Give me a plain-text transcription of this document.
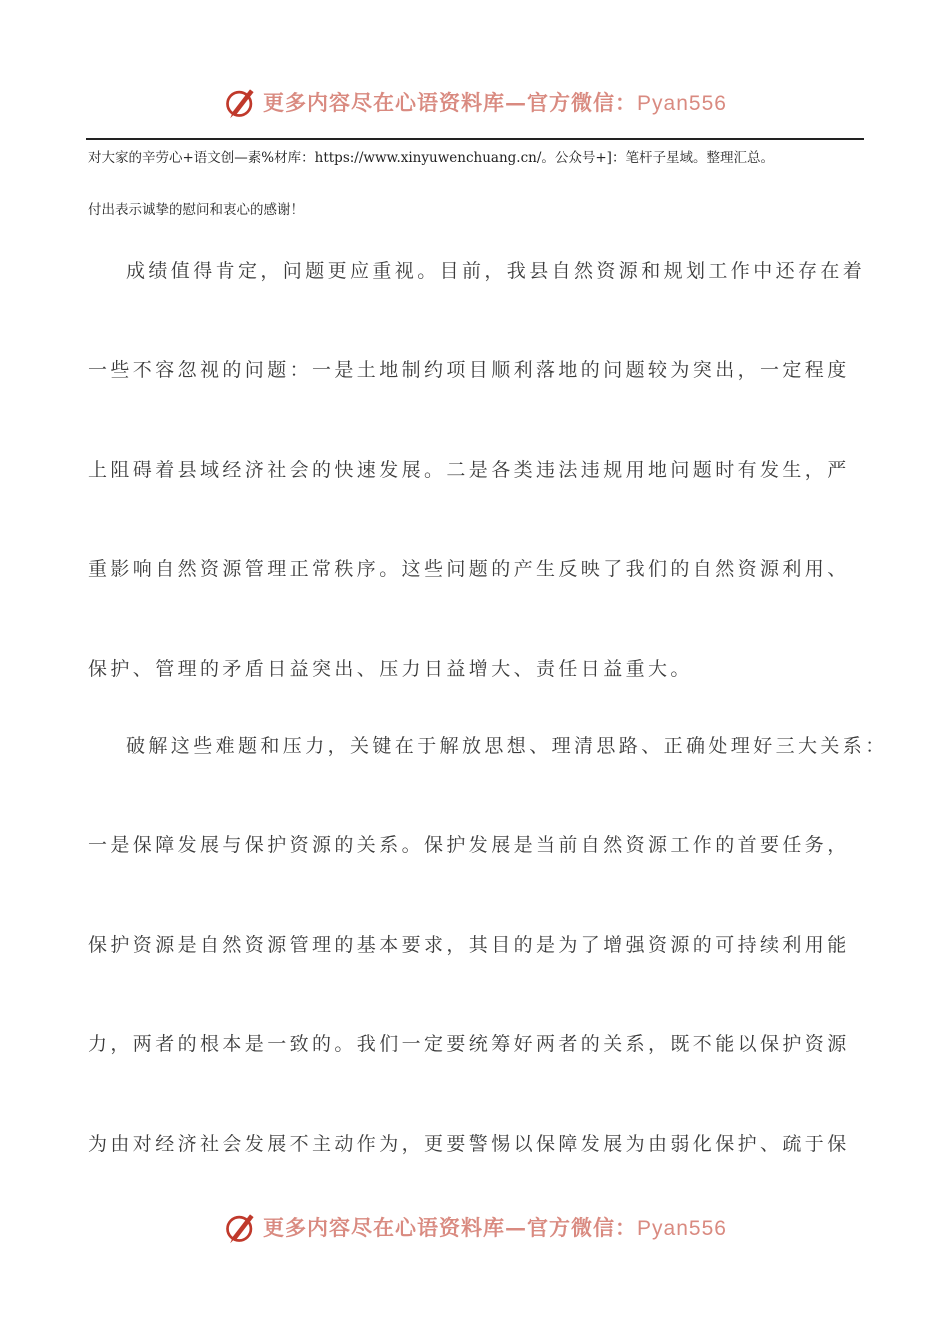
更多内容尽在心语资料库—官方微信：Pyan556
对大家的辛劳心+语文创—素%材库：https://www.xinyuwenchuang.cn/。公众号+]：笔杆子星域。整理汇总。
付出表示诚挚的慰问和衷心的感谢！
成绩值得肯定，问题更应重视。目前，我县自然资源和规划工作中还存在着
一些不容忽视的问题：一是土地制约项目顺利落地的问题较为突出，一定程度
上阻碍着县域经济社会的快速发展。二是各类违法违规用地问题时有发生，严
重影响自然资源管理正常秩序。这些问题的产生反映了我们的自然资源利用、
保护、管理的矛盾日益突出、压力日益增大、责任日益重大。
破解这些难题和压力，关键在于解放思想、理清思路、正确处理好三大关系：
一是保障发展与保护资源的关系。保护发展是当前自然资源工作的首要任务，
保护资源是自然资源管理的基本要求，其目的是为了增强资源的可持续利用能
力，两者的根本是一致的。我们一定要统筹好两者的关系，既不能以保护资源
为由对经济社会发展不主动作为，更要警惕以保障发展为由弱化保护、疏于保
更多内容尽在心语资料库—官方微信：Pyan556
